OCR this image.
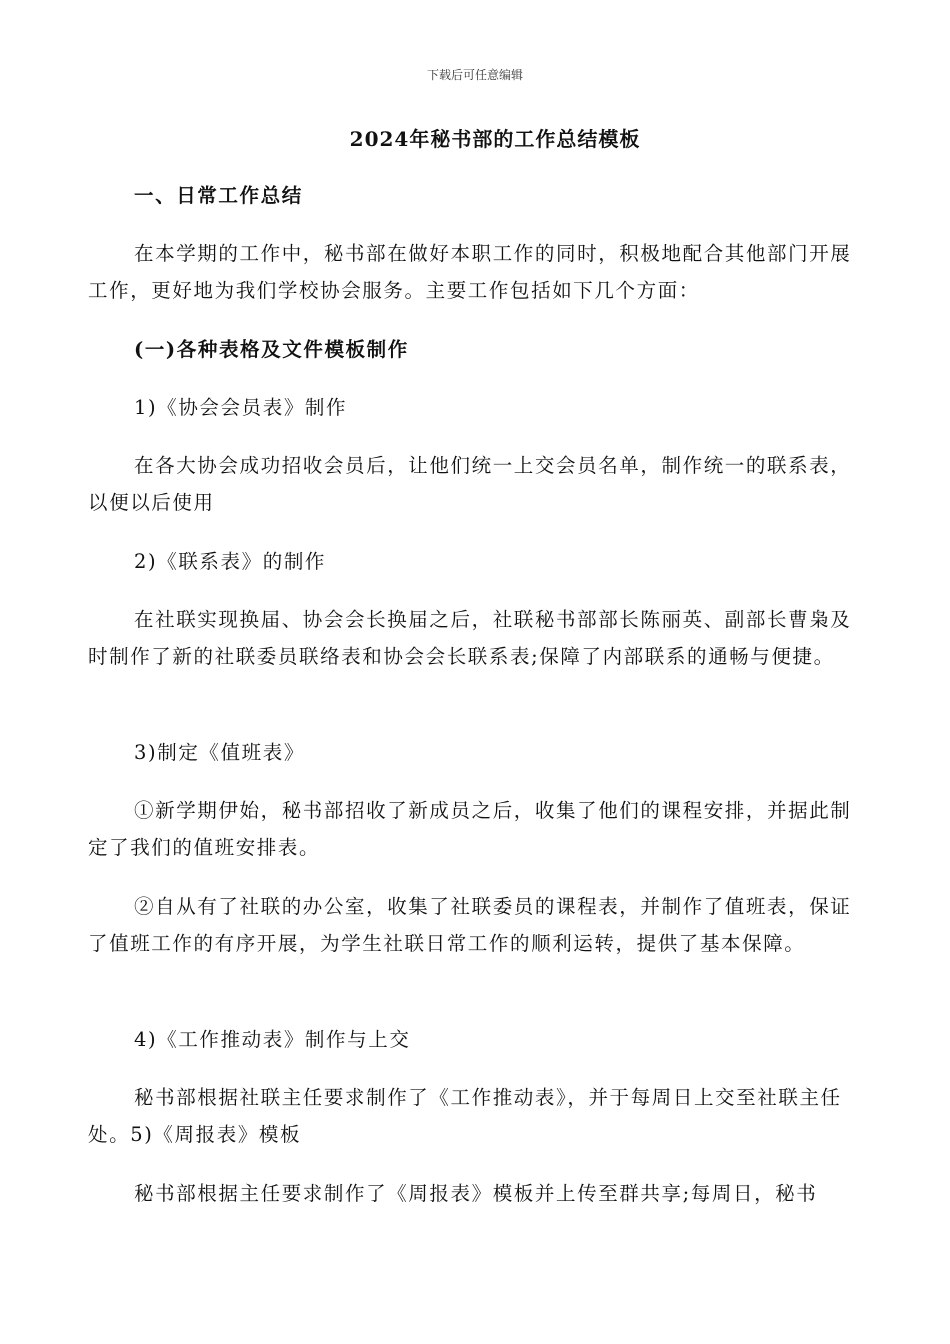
下载后可任意编辑
2024年秘书部的工作总结模板
一、日常工作总结
在本学期的工作中，秘书部在做好本职工作的同时，积极地配合其他部门开展工作，更好地为我们学校协会服务。主要工作包括如下几个方面：
(一)各种表格及文件模板制作
1)《协会会员表》制作
在各大协会成功招收会员后，让他们统一上交会员名单，制作统一的联系表，以便以后使用
2)《联系表》的制作
在社联实现换届、协会会长换届之后，社联秘书部部长陈丽英、副部长曹枭及时制作了新的社联委员联络表和协会会长联系表;保障了内部联系的通畅与便捷。
3)制定《值班表》
①新学期伊始，秘书部招收了新成员之后，收集了他们的课程安排，并据此制定了我们的值班安排表。
②自从有了社联的办公室，收集了社联委员的课程表，并制作了值班表，保证了值班工作的有序开展，为学生社联日常工作的顺利运转，提供了基本保障。
4)《工作推动表》制作与上交
秘书部根据社联主任要求制作了《工作推动表》，并于每周日上交至社联主任处。5)《周报表》模板
秘书部根据主任要求制作了《周报表》模板并上传至群共享;每周日，秘书
